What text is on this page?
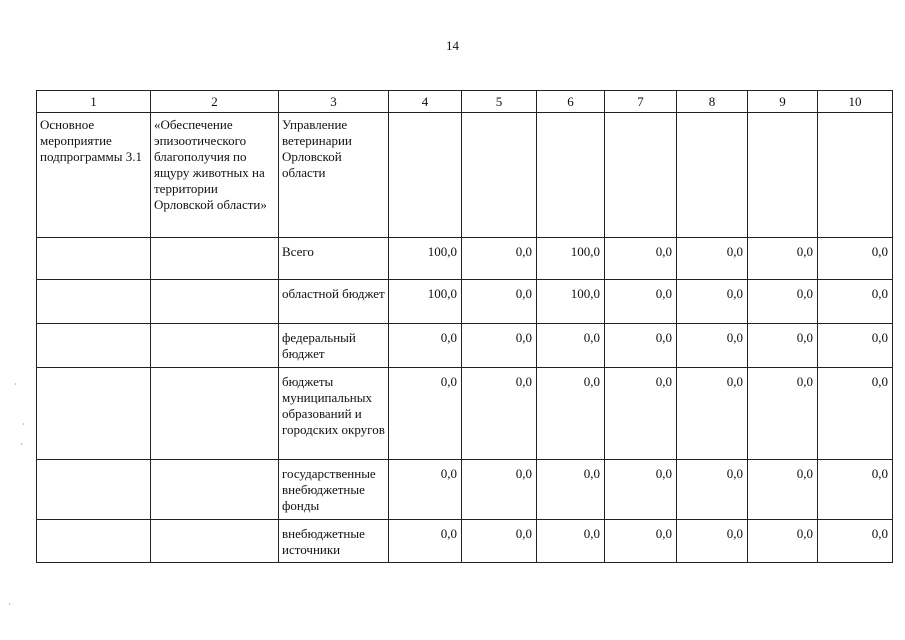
14
1	2	3	4	5	6	7	8	9	10
Основное мероприятие подпрограммы 3.1	«Обеспечение эпизоотического благополучия по ящуру животных на территории Орловской области»	Управление ветеринарии Орловской области							
		Всего	100,0	0,0	100,0	0,0	0,0	0,0	0,0
		областной бюджет	100,0	0,0	100,0	0,0	0,0	0,0	0,0
		федеральный бюджет	0,0	0,0	0,0	0,0	0,0	0,0	0,0
		бюджеты муниципальных образований и городских округов	0,0	0,0	0,0	0,0	0,0	0,0	0,0
		государственные внебюджетные фонды	0,0	0,0	0,0	0,0	0,0	0,0	0,0
		внебюджетные источники	0,0	0,0	0,0	0,0	0,0	0,0	0,0
·
·
·
·
